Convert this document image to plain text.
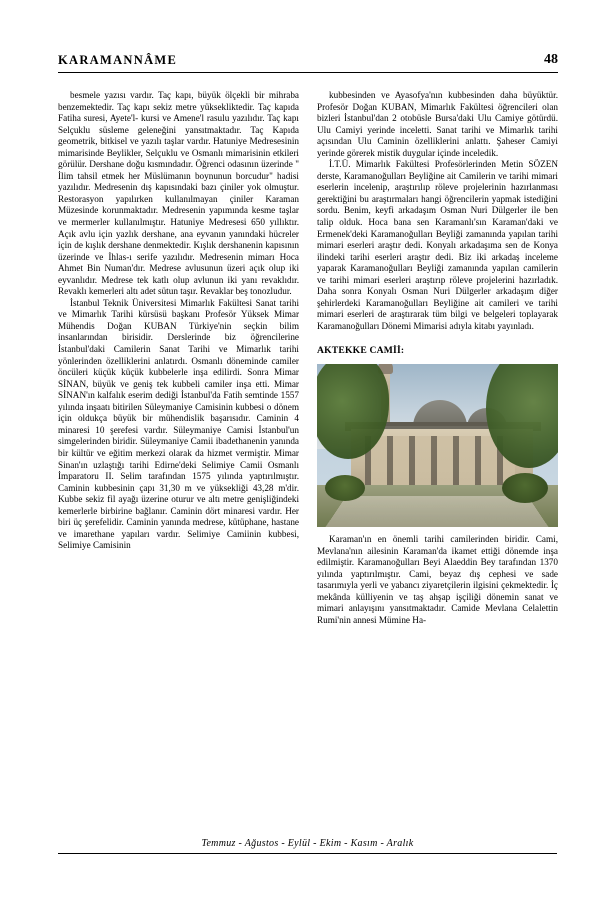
KARAMANNÂME	48

besmele yazısı vardır. Taç kapı, büyük ölçekli bir mihraba benzemektedir. Taç kapı sekiz metre yüksekliktedir. Taç kapıda Fatiha suresi, Ayete'l- kursi ve Amene'l rasulu yazılıdır. Taç kapı Selçuklu süsleme geleneğini yansıtmaktadır. Taç Kapıda geometrik, bitkisel ve yazılı taşlar vardır. Hatuniye Medresesinin mimarisinde Beylikler, Selçuklu ve Osmanlı mimarisinin etkileri görülür. Dershane doğu kısmındadır. Öğrenci odasının üzerinde " İlim tahsil etmek her Müslümanın boynunun borcudur" hadisi yazılıdır. Medresenin dış kapısındaki bazı çiniler yok olmuştur. Restorasyon yapılırken kullanılmayan çiniler Karaman Müzesinde korunmaktadır. Medresenin yapımında kesme taşlar ve mermerler kullanılmıştır. Hatuniye Medresesi 650 yıllıktır. Açık avlu için yazlık dershane, ana eyvanın yanındaki hücreler için de kışlık dershane denmektedir. Kışlık dershanenin kapısının üzerinde ve İhlas-ı serife yazılıdır. Medresenin mimarı Hoca Ahmet Bin Numan'dır. Medrese avlusunun üzeri açık olup iki eyvanlıdır. Medrese tek katlı olup avlunun iki yanı revaklıdır. Revaklı kemerleri altı adet sütun taşır. Revaklar beş tonozludur.

İstanbul Teknik Üniversitesi Mimarlık Fakültesi Sanat tarihi ve Mimarlık Tarihi kürsüsü başkanı Profesör Yüksek Mimar Mühendis Doğan KUBAN Türkiye'nin seçkin bilim insanlarından birisidir. Derslerinde biz öğrencilerine İstanbul'daki Camilerin Sanat Tarihi ve Mimarlık tarihi yönlerinden özelliklerini anlatırdı. Osmanlı döneminde camiler öncüleri küçük küçük kubbelerle inşa edilirdi. Sonra Mimar SİNAN, büyük ve geniş tek kubbeli camiler inşa etti. Mimar SİNAN'ın kalfalık eserim dediği İstanbul'da Fatih semtinde 1557 yılında inşaatı bitirilen Süleymaniye Camisinin kubbesi o dönem için oldukça büyük bir mühendislik başarısıdır. Caminin 4 minaresi 10 şerefesi vardır. Süleymaniye Camisi İstanbul'un simgelerinden biridir. Süleymaniye Camii ibadethanenin yanında bir kültür ve eğitim merkezi olarak da hizmet vermiştir. Mimar Sinan'ın uzlaştığı tarihi Edirne'deki Selimiye Camii Osmanlı İmparatoru II. Selim tarafından 1575 yılında yaptırılmıştır. Caminin kubbesinin çapı 31,30 m ve yüksekliği 43,28 m'dir. Kubbe sekiz fil ayağı üzerine oturur ve altı metre genişliğindeki kemerlerle birbirine bağlanır. Caminin dört minaresi vardır. Her biri üç şerefelidir. Caminin yanında medrese, kütüphane, hastane ve imarethane yapıları vardır. Selimiye Camiinin kubbesi, Selimiye Camisinin

kubbesinden ve Ayasofya'nın kubbesinden daha büyüktür. Profesör Doğan KUBAN, Mimarlık Fakültesi öğrencileri olan bizleri İstanbul'dan 2 otobüsle Bursa'daki Ulu Camiye götürdü. Ulu Camiyi yerinde inceletti. Sanat tarihi ve Mimarlık tarihi açısından Ulu Caminin özelliklerini anlattı. Şaheser Camiyi yerinde görerek mistik duygular içinde inceledik.

İ.T.Ü. Mimarlık Fakültesi Profesörlerinden Metin SÖZEN derste, Karamanoğulları Beyliğine ait Camilerin ve tarihi mimari eserlerin incelenip, araştırılıp röleve projelerinin hazırlanması gerektiğini bu araştırmaları hangi öğrencilerin yapmak istediğini sordu. Benim, keyfi arkadaşım Osman Nuri Dülgerler ile ben talip olduk. Hoca bana sen Karamanlı'sın Karaman'daki ve Ermenek'deki Karamanoğulları Beyliği zamanında yapılan tarihi mimari eserleri araştır dedi. Konyalı arkadaşıma sen de Konya ilindeki tarihi eserleri araştır dedi. Biz iki arkadaş inceleme yaparak Karamanoğulları Beyliği zamanında yapılan camilerin ve tarihi mimari eserleri araştırıp röleve projelerini hazırladık. Daha sonra Konyalı Osman Nuri Dülgerler arkadaşım diğer şehirlerdeki Karamanoğulları Beyliğine ait camileri ve tarihi mimari eserleri de araştırarak tüm bilgi ve belgeleri toplayarak Karamanoğulları Dönemi Mimarisi adıyla kitabı yayınladı.

AKTEKKE CAMİİ:

Karaman'ın en önemli tarihi camilerinden biridir. Cami, Mevlana'nın ailesinin Karaman'da ikamet ettiği dönemde inşa edilmiştir. Karamanoğulları Beyi Alaeddin Bey tarafından 1370 yılında yaptırılmıştır. Cami, beyaz dış cephesi ve sade tasarımıyla yerli ve yabancı ziyaretçilerin ilgisini çekmektedir. İç mekânda külliyenin ve taş ahşap işçiliği dönemin sanat ve mimari anlayışını yansıtmaktadır. Camide Mevlana Celalettin Rumi'nin annesi Mümine Ha-

Temmuz - Ağustos - Eylül - Ekim - Kasım - Aralık
